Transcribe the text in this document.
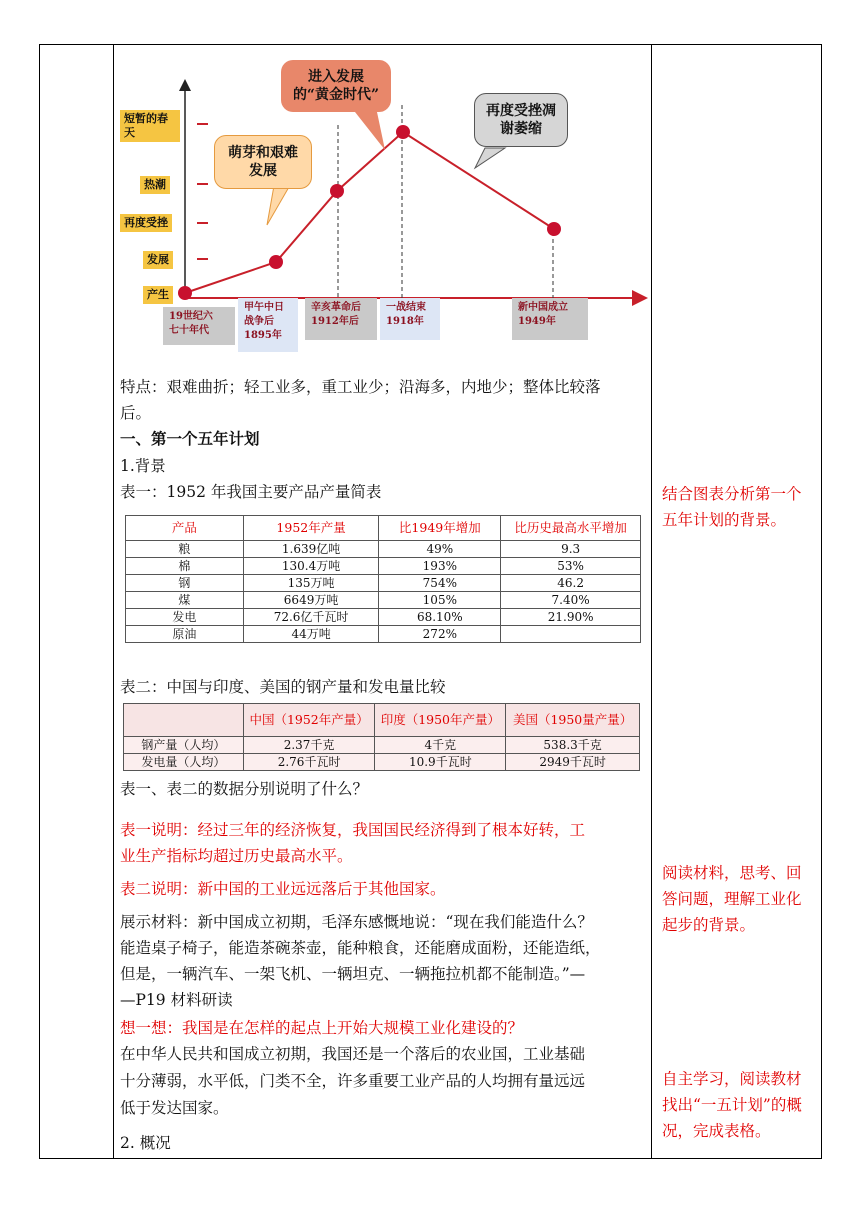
短暂的春天
热潮
再度受挫
发展
产生
19世纪六
七十年代
甲午中日
战争后
1895年
辛亥革命后
1912年后
一战结束
1918年
新中国成立
1949年
进入发展的“黄金时代”
萌芽和艰难发展
再度受挫凋谢萎缩
特点：艰难曲折；轻工业多，重工业少；沿海多，内地少；整体比较落
后。
一、第一个五年计划
1.背景
表一：1952 年我国主要产品产量简表
产品	1952年产量	比1949年增加	比历史最高水平增加
粮	1.639亿吨	49%	9.3
棉	130.4万吨	193%	53%
钢	135万吨	754%	46.2
煤	6649万吨	105%	7.40%
发电	72.6亿千瓦时	68.10%	21.90%
原油	44万吨	272%	
表二：中国与印度、美国的钢产量和发电量比较
	中国（1952年产量）	印度（1950年产量）	美国（1950量产量）
钢产量（人均）	2.37千克	4千克	538.3千克
发电量（人均）	2.76千瓦时	10.9千瓦时	2949千瓦时
表一、表二的数据分别说明了什么？
表一说明：经过三年的经济恢复，我国国民经济得到了根本好转，工
业生产指标均超过历史最高水平。
表二说明：新中国的工业远远落后于其他国家。
展示材料：新中国成立初期，毛泽东感慨地说：“现在我们能造什么？
能造桌子椅子，能造茶碗茶壶，能种粮食，还能磨成面粉，还能造纸，
但是，一辆汽车、一架飞机、一辆坦克、一辆拖拉机都不能制造。”—
—P19 材料研读
想一想：我国是在怎样的起点上开始大规模工业化建设的？
在中华人民共和国成立初期，我国还是一个落后的农业国，工业基础
十分薄弱，水平低，门类不全，许多重要工业产品的人均拥有量远远
低于发达国家。
2. 概况
结合图表分析第一个五年计划的背景。
阅读材料，思考、回答问题，理解工业化起步的背景。
自主学习，阅读教材找出“一五计划”的概况，完成表格。
